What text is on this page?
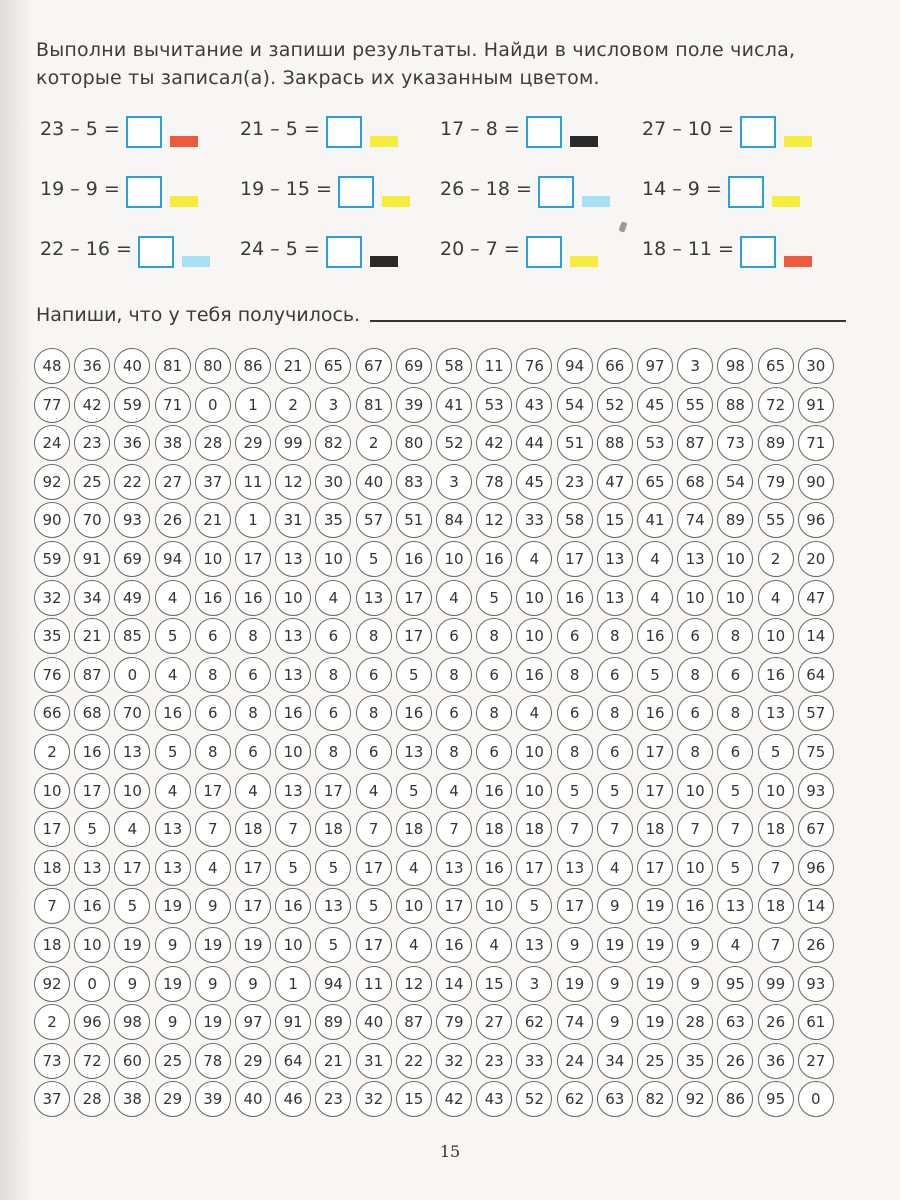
Выполни вычитание и запиши результаты. Найди в числовом поле числа,
которые ты записал(а). Закрась их указанным цветом.
23 – 5 =	21 – 5 =	17 – 8 =	27 – 10 =
19 – 9 =	19 – 15 =	26 – 18 =	14 – 9 =
22 – 16 =	24 – 5 =	20 – 7 =	18 – 11 =
Напиши, что у тебя получилось.
48	36	40	81	80	86	21	65	67	69	58	11	76	94	66	97	3	98	65	30
77	42	59	71	0	1	2	3	81	39	41	53	43	54	52	45	55	88	72	91
24	23	36	38	28	29	99	82	2	80	52	42	44	51	88	53	87	73	89	71
92	25	22	27	37	11	12	30	40	83	3	78	45	23	47	65	68	54	79	90
90	70	93	26	21	1	31	35	57	51	84	12	33	58	15	41	74	89	55	96
59	91	69	94	10	17	13	10	5	16	10	16	4	17	13	4	13	10	2	20
32	34	49	4	16	16	10	4	13	17	4	5	10	16	13	4	10	10	4	47
35	21	85	5	6	8	13	6	8	17	6	8	10	6	8	16	6	8	10	14
76	87	0	4	8	6	13	8	6	5	8	6	16	8	6	5	8	6	16	64
66	68	70	16	6	8	16	6	8	16	6	8	4	6	8	16	6	8	13	57
2	16	13	5	8	6	10	8	6	13	8	6	10	8	6	17	8	6	5	75
10	17	10	4	17	4	13	17	4	5	4	16	10	5	5	17	10	5	10	93
17	5	4	13	7	18	7	18	7	18	7	18	18	7	7	18	7	7	18	67
18	13	17	13	4	17	5	5	17	4	13	16	17	13	4	17	10	5	7	96
7	16	5	19	9	17	16	13	5	10	17	10	5	17	9	19	16	13	18	14
18	10	19	9	19	19	10	5	17	4	16	4	13	9	19	19	9	4	7	26
92	0	9	19	9	9	1	94	11	12	14	15	3	19	9	19	9	95	99	93
2	96	98	9	19	97	91	89	40	87	79	27	62	74	9	19	28	63	26	61
73	72	60	25	78	29	64	21	31	22	32	23	33	24	34	25	35	26	36	27
37	28	38	29	39	40	46	23	32	15	42	43	52	62	63	82	92	86	95	0
15
